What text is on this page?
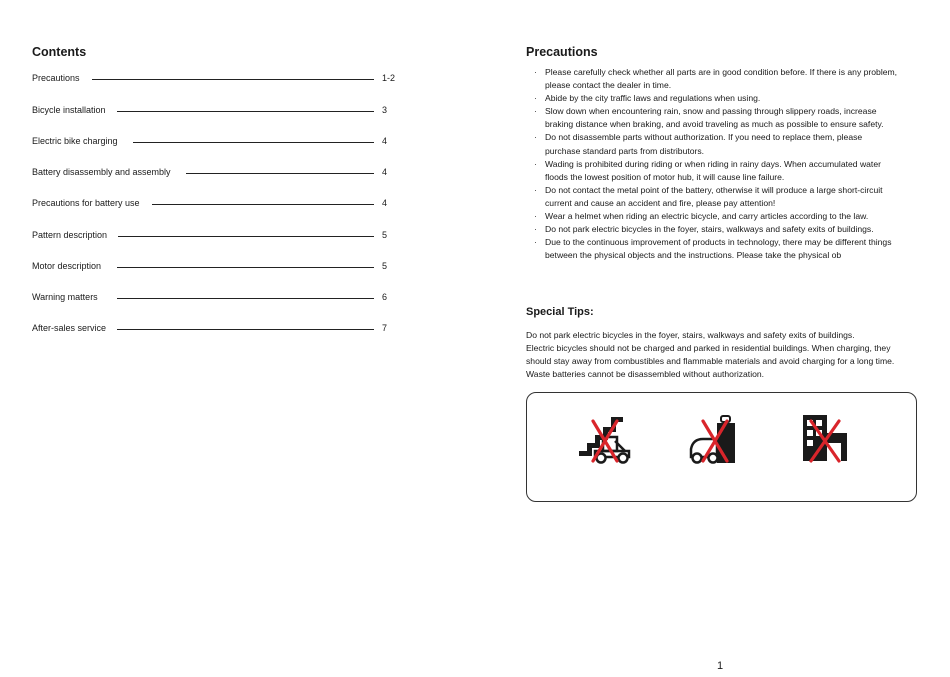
Contents
Precautions	1-2
Bicycle installation	3
Electric bike charging	4
Battery disassembly and assembly	4
Precautions for battery use	4
Pattern description	5
Motor description	5
Warning matters	6
After-sales service	7
Precautions
· Please carefully check whether all parts are in good condition before. If there is any problem,
please contact the dealer in time.
· Abide by the city traffic laws and regulations when using.
· Slow down when encountering rain, snow and passing through slippery roads, increase
braking distance when braking, and avoid traveling as much as possible to ensure safety.
· Do not disassemble parts without authorization. If you need to replace them, please
purchase standard parts from distributors.
· Wading is prohibited during riding or when riding in rainy days. When accumulated water
floods the lowest position of motor hub, it will cause line failure.
· Do not contact the metal point of the battery, otherwise it will produce a large short-circuit
current and cause an accident and fire, please pay attention!
· Wear a helmet when riding an electric bicycle, and carry articles according to the law.
· Do not park electric bicycles in the foyer, stairs, walkways and safety exits of buildings.
· Due to the continuous improvement of products in technology, there may be different things
between the physical objects and the instructions. Please take the physical ob
Special Tips:
Do not park electric bicycles in the foyer, stairs, walkways and safety exits of buildings.
Electric bicycles should not be charged and parked in residential buildings. When charging, they
should stay away from combustibles and flammable materials and avoid charging for a long time.
Waste batteries cannot be disassembled without authorization.
1
